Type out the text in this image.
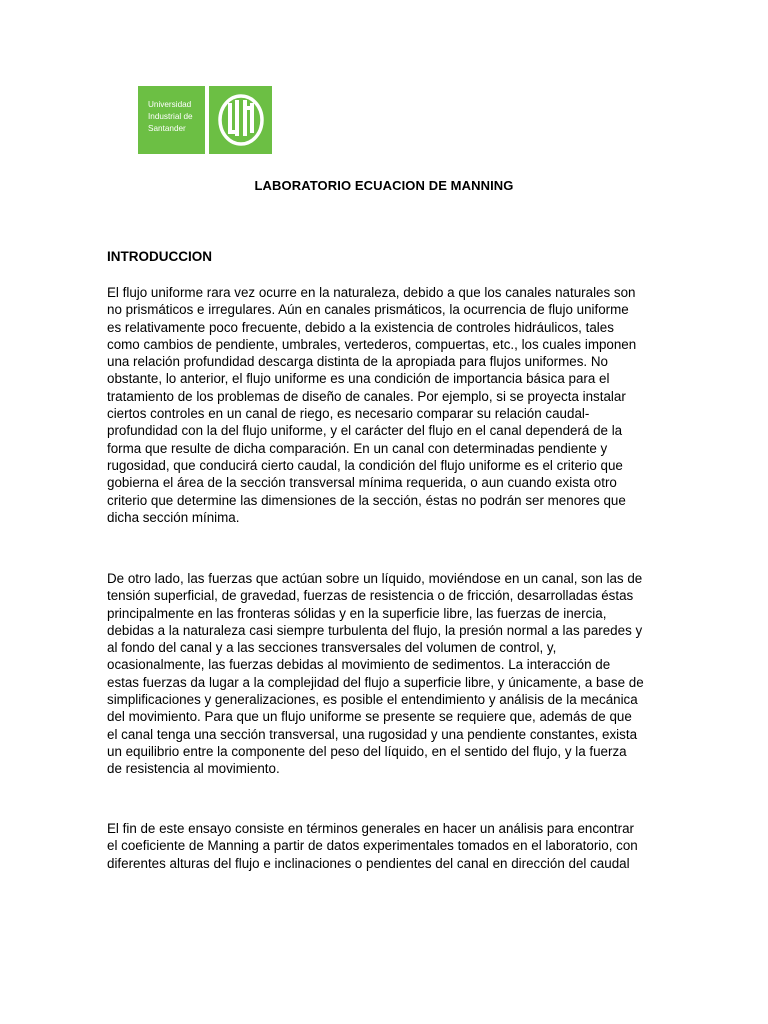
Universidad
Industrial de
Santander
LABORATORIO ECUACION DE MANNING
INTRODUCCION
El flujo uniforme rara vez ocurre en la naturaleza, debido a que los canales naturales son
no prismáticos e irregulares. Aún en canales prismáticos, la ocurrencia de flujo uniforme
es relativamente poco frecuente, debido a la existencia de controles hidráulicos, tales
como cambios de pendiente, umbrales, vertederos, compuertas, etc., los cuales imponen
una relación profundidad descarga distinta de la apropiada para flujos uniformes. No
obstante, lo anterior, el flujo uniforme es una condición de importancia básica para el
tratamiento de los problemas de diseño de canales. Por ejemplo, si se proyecta instalar
ciertos controles en un canal de riego, es necesario comparar su relación caudal-
profundidad con la del flujo uniforme, y el carácter del flujo en el canal dependerá de la
forma que resulte de dicha comparación. En un canal con determinadas pendiente y
rugosidad, que conducirá cierto caudal, la condición del flujo uniforme es el criterio que
gobierna el área de la sección transversal mínima requerida, o aun cuando exista otro
criterio que determine las dimensiones de la sección, éstas no podrán ser menores que
dicha sección mínima.
De otro lado, las fuerzas que actúan sobre un líquido, moviéndose en un canal, son las de
tensión superficial, de gravedad, fuerzas de resistencia o de fricción, desarrolladas éstas
principalmente en las fronteras sólidas y en la superficie libre, las fuerzas de inercia,
debidas a la naturaleza casi siempre turbulenta del flujo, la presión normal a las paredes y
al fondo del canal y a las secciones transversales del volumen de control, y,
ocasionalmente, las fuerzas debidas al movimiento de sedimentos. La interacción de
estas fuerzas da lugar a la complejidad del flujo a superficie libre, y únicamente, a base de
simplificaciones y generalizaciones, es posible el entendimiento y análisis de la mecánica
del movimiento. Para que un flujo uniforme se presente se requiere que, además de que
el canal tenga una sección transversal, una rugosidad y una pendiente constantes, exista
un equilibrio entre la componente del peso del líquido, en el sentido del flujo, y la fuerza
de resistencia al movimiento.
El fin de este ensayo consiste en términos generales en hacer un análisis para encontrar
el coeficiente de Manning a partir de datos experimentales tomados en el laboratorio, con
diferentes alturas del flujo e inclinaciones o pendientes del canal en dirección del caudal
